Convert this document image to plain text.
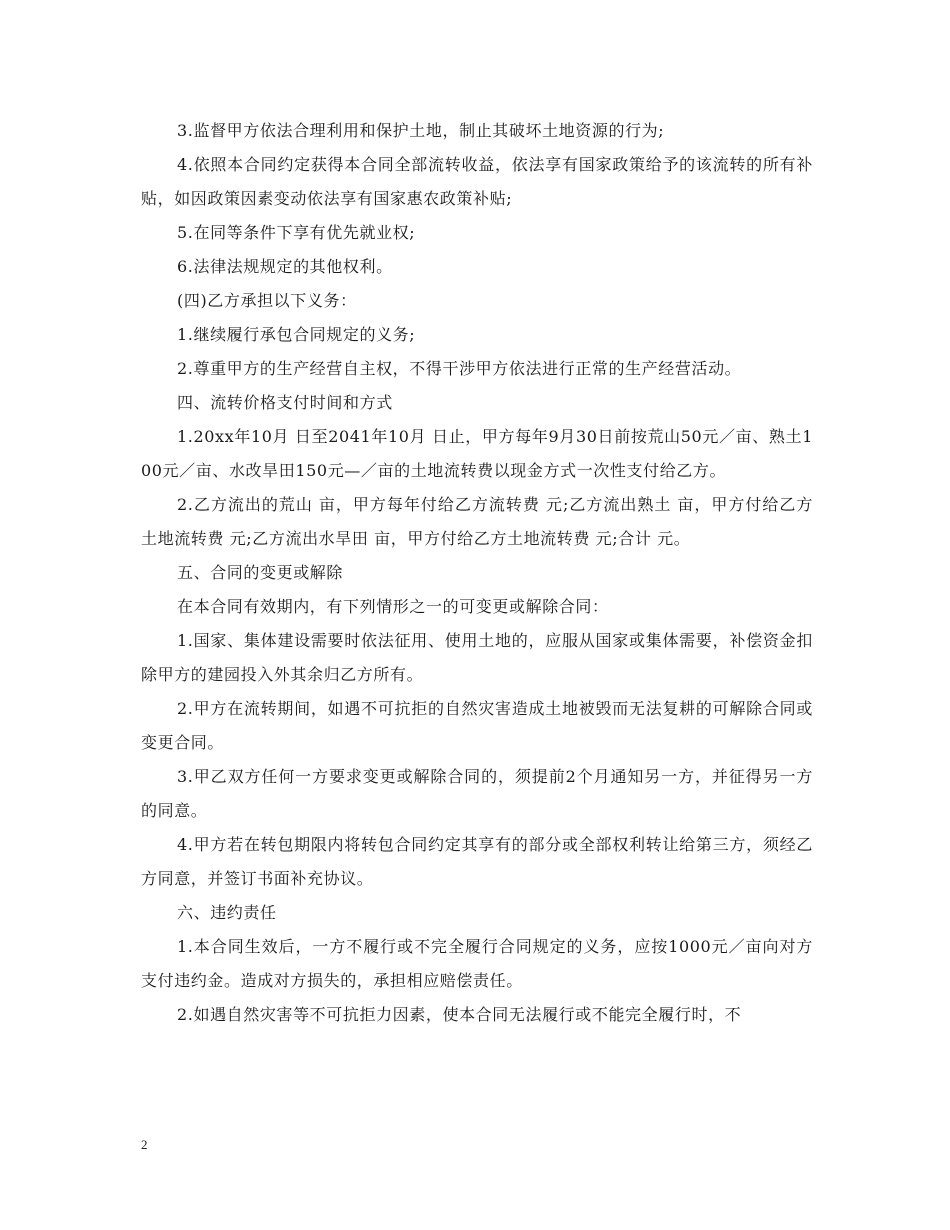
3.监督甲方依法合理利用和保护土地，制止其破坏土地资源的行为;

4.依照本合同约定获得本合同全部流转收益，依法享有国家政策给予的该流转的所有补贴，如因政策因素变动依法享有国家惠农政策补贴;

5.在同等条件下享有优先就业权;

6.法律法规规定的其他权利。

(四)乙方承担以下义务：

1.继续履行承包合同规定的义务;

2.尊重甲方的生产经营自主权，不得干涉甲方依法进行正常的生产经营活动。

四、流转价格支付时间和方式

1.20xx年10月 日至2041年10月 日止，甲方每年9月30日前按荒山50元／亩、熟土100元／亩、水改旱田150元—／亩的土地流转费以现金方式一次性支付给乙方。

2.乙方流出的荒山 亩，甲方每年付给乙方流转费 元;乙方流出熟土 亩，甲方付给乙方土地流转费 元;乙方流出水旱田 亩，甲方付给乙方土地流转费 元;合计 元。

五、合同的变更或解除

在本合同有效期内，有下列情形之一的可变更或解除合同：

1.国家、集体建设需要时依法征用、使用土地的，应服从国家或集体需要，补偿资金扣除甲方的建园投入外其余归乙方所有。

2.甲方在流转期间，如遇不可抗拒的自然灾害造成土地被毁而无法复耕的可解除合同或变更合同。

3.甲乙双方任何一方要求变更或解除合同的，须提前2个月通知另一方，并征得另一方的同意。

4.甲方若在转包期限内将转包合同约定其享有的部分或全部权利转让给第三方，须经乙方同意，并签订书面补充协议。

六、违约责任

1.本合同生效后，一方不履行或不完全履行合同规定的义务，应按1000元／亩向对方支付违约金。造成对方损失的，承担相应赔偿责任。

2.如遇自然灾害等不可抗拒力因素，使本合同无法履行或不能完全履行时，不

2
